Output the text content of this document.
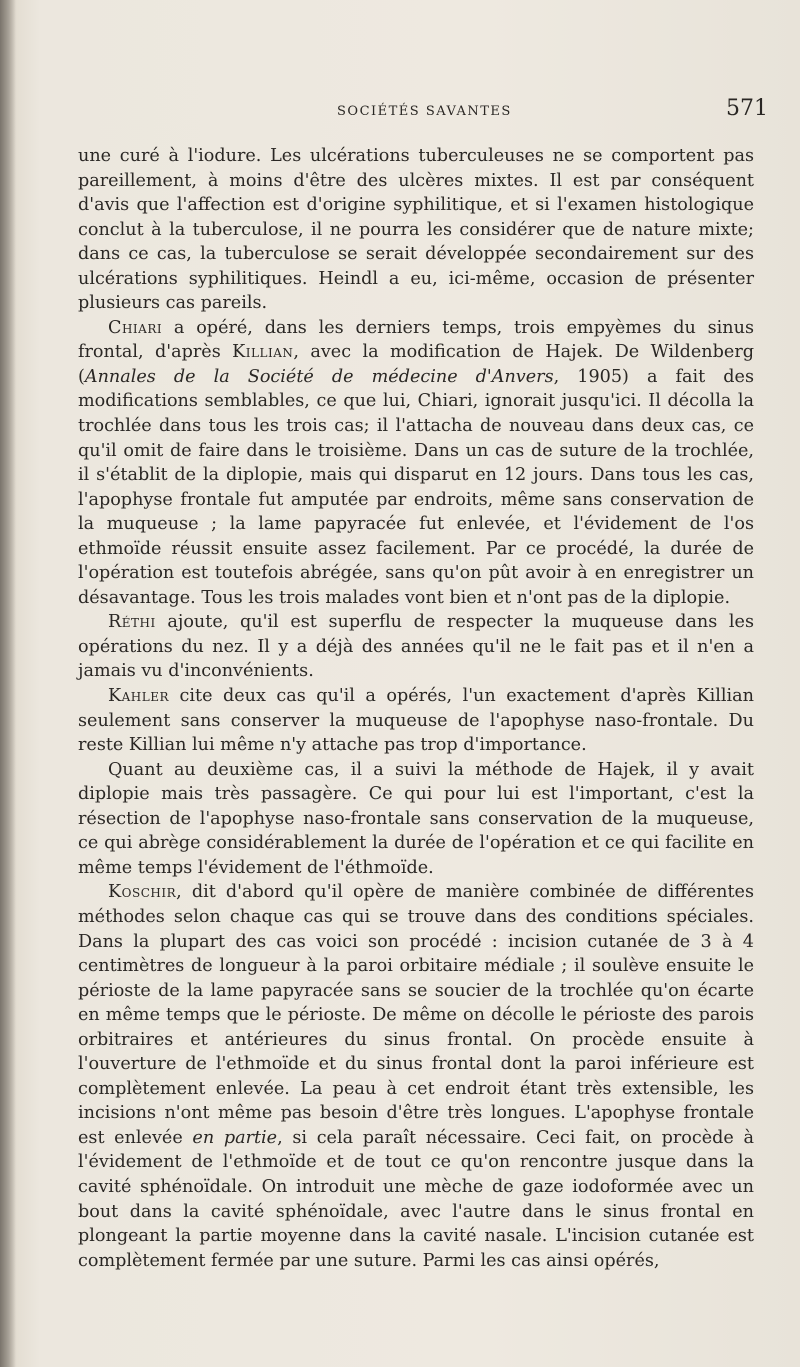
SOCIÉTÉS SAVANTES	571

une curé à l'iodure. Les ulcérations tuberculeuses ne se comportent pas pareillement, à moins d'être des ulcères mixtes. Il est par conséquent d'avis que l'affection est d'origine syphilitique, et si l'examen histologique conclut à la tuberculose, il ne pourra les considérer que de nature mixte; dans ce cas, la tuberculose se serait développée secondairement sur des ulcérations syphilitiques. Heindl a eu, ici-même, occasion de présenter plusieurs cas pareils.

Chiari a opéré, dans les derniers temps, trois empyèmes du sinus frontal, d'après Killian, avec la modification de Hajek. De Wildenberg (Annales de la Société de médecine d'Anvers, 1905) a fait des modifications semblables, ce que lui, Chiari, ignorait jusqu'ici. Il décolla la trochlée dans tous les trois cas; il l'attacha de nouveau dans deux cas, ce qu'il omit de faire dans le troisième. Dans un cas de suture de la trochlée, il s'établit de la diplopie, mais qui disparut en 12 jours. Dans tous les cas, l'apophyse frontale fut amputée par endroits, même sans conservation de la muqueuse ; la lame papyracée fut enlevée, et l'évidement de l'os ethmoïde réussit ensuite assez facilement. Par ce procédé, la durée de l'opération est toutefois abrégée, sans qu'on pût avoir à en enregistrer un désavantage. Tous les trois malades vont bien et n'ont pas de la diplopie.

Réthi ajoute, qu'il est superflu de respecter la muqueuse dans les opérations du nez. Il y a déjà des années qu'il ne le fait pas et il n'en a jamais vu d'inconvénients.

Kahler cite deux cas qu'il a opérés, l'un exactement d'après Killian seulement sans conserver la muqueuse de l'apophyse naso-frontale. Du reste Killian lui même n'y attache pas trop d'importance.

Quant au deuxième cas, il a suivi la méthode de Hajek, il y avait diplopie mais très passagère. Ce qui pour lui est l'important, c'est la résection de l'apophyse naso-frontale sans conservation de la muqueuse, ce qui abrège considérablement la durée de l'opération et ce qui facilite en même temps l'évidement de l'éthmoïde.

Koschir, dit d'abord qu'il opère de manière combinée de différentes méthodes selon chaque cas qui se trouve dans des conditions spéciales. Dans la plupart des cas voici son procédé : incision cutanée de 3 à 4 centimètres de longueur à la paroi orbitaire médiale ; il soulève ensuite le périoste de la lame papyracée sans se soucier de la trochlée qu'on écarte en même temps que le périoste. De même on décolle le périoste des parois orbitraires et antérieures du sinus frontal. On procède ensuite à l'ouverture de l'ethmoïde et du sinus frontal dont la paroi inférieure est complètement enlevée. La peau à cet endroit étant très extensible, les incisions n'ont même pas besoin d'être très longues. L'apophyse frontale est enlevée en partie, si cela paraît nécessaire. Ceci fait, on procède à l'évidement de l'ethmoïde et de tout ce qu'on rencontre jusque dans la cavité sphénoïdale. On introduit une mèche de gaze iodoformée avec un bout dans la cavité sphénoïdale, avec l'autre dans le sinus frontal en plongeant la partie moyenne dans la cavité nasale. L'incision cutanée est complètement fermée par une suture. Parmi les cas ainsi opérés,
